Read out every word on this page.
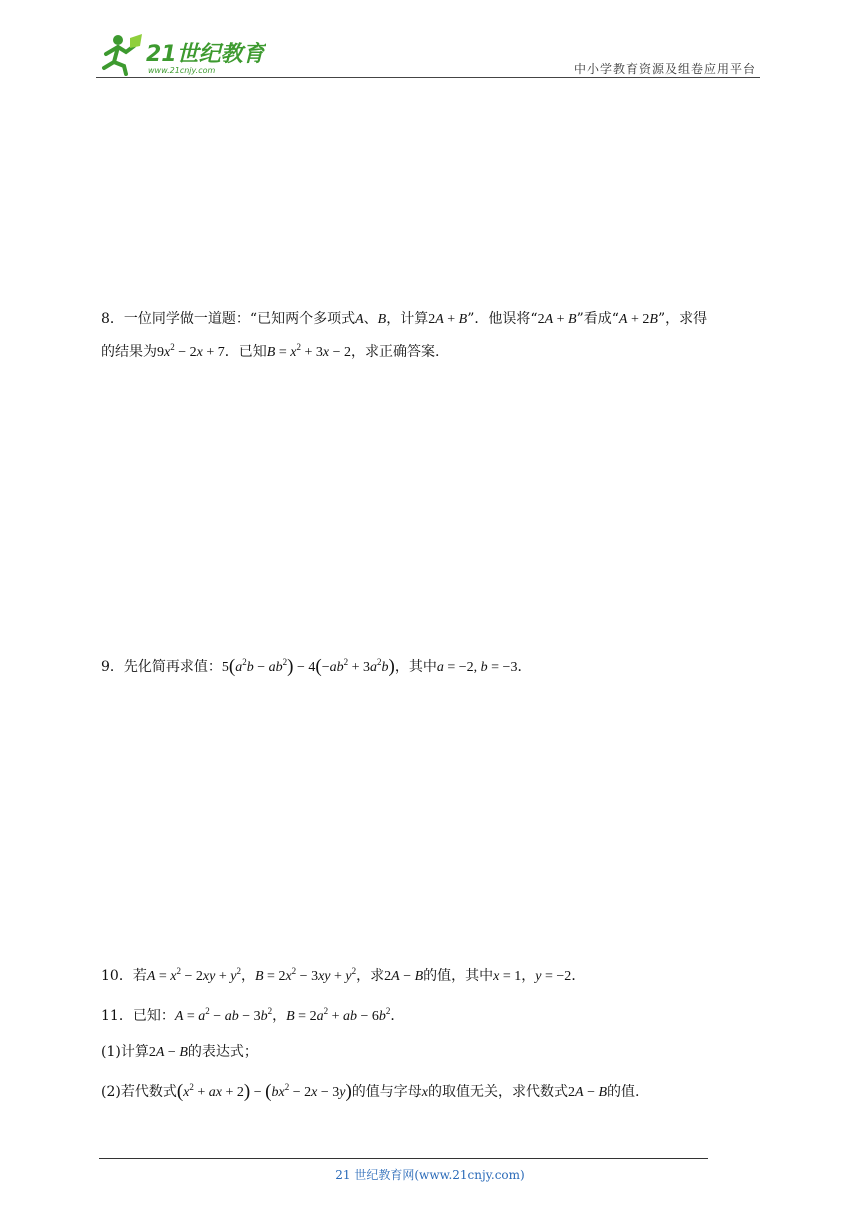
21世纪教育
www.21cnjy.com	中小学教育资源及组卷应用平台
8．一位同学做一道题：“已知两个多项式A、B，计算2A + B”．他误将“2A + B”看成“A + 2B”，求得
的结果为$9x^2 - 2x + 7$．已知$B = x^2 + 3x - 2$，求正确答案.
9．先化简再求值：$5(a^2b - ab^2) - 4(-ab^2 + 3a^2b)$，其中a = −2, b = −3．
10．若$A = x^2 - 2xy + y^2$，$B = 2x^2 - 3xy + y^2$，求2A − B的值，其中x = 1，y = −2．
11．已知：$A = a^2$ − ab − $3b^2$，$B = 2a^2$ + ab − $6b^2$．
(1)计算2A − B的表达式；
(2)若代数式($x^2$ + ax + $2) - (bx^2 - 2x - 3y)$的值与字母x的取值无关，求代数式2A − B的值.
21 世纪教育网(www.21cnjy.com)
